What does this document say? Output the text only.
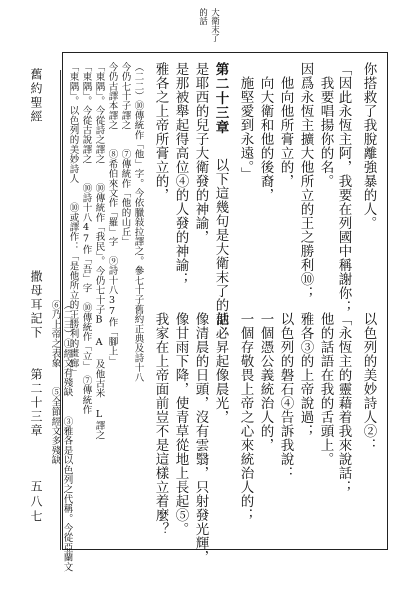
大衛末了
的話
你搭救了我脫離強暴的人。
「因此永恆主阿，我要在列國中稱謝你；
我要唱揚你的名。
因爲永恆主擴大他所立的王之勝利⑩；
他向他所膏立的，
向大衛和他的後裔，
施堅愛到永遠。」
第二十三章
以下這幾句是大衛末了的話：
是耶西的兒子大衛發的神諭，
是那被舉起得高位④的人發的神諭；
雅各之上帝所膏立的，
以色列的美妙詩人②：
「永恆主的靈藉着我來說話；
他的話語在我的舌頭上。
雅各③的上帝說過；
以色列的磐石④告訴我說：
一個憑公義統治人的，
一個存敬畏上帝之心來統治人的；
他必昇起像晨光，
像清晨的日頭，沒有雲翳，只射發光輝，
像甘雨下降，使青草從地上長起⑤。
我家在上帝面前豈不是這樣立着麼？
（二二）⑩傳統作「他」字。今依臘敍拉譯之。參七十子舊約正典及詩十八
今仍七十子譯之　　⑦傳統作「他的山丘」
今仍古譯本譯之　　⑧希伯來文作「羅」字　⑨詩十八37作「腳上」
「東隅」。今從詩之譯之　　⑩傳統作「我民」。今仍七十子B A 及他古米 L譯之
「東隅」。今從古說譯之　　⑩詩十八47作「吾」字　⑩傳統作「立」　⑦傳統作
「東隅」。以色列的美妙詩人　　⑩或譯作：「是他所立的王勝利的畫廊」
舊約聖經
撒母耳記下
第二十三章
五八七 （二三）①經文有殘缺　　③雅各是以色列之代稱。今從亞蘭文
⑥乃上帝之表象　　⑤全節經文多殘缺
